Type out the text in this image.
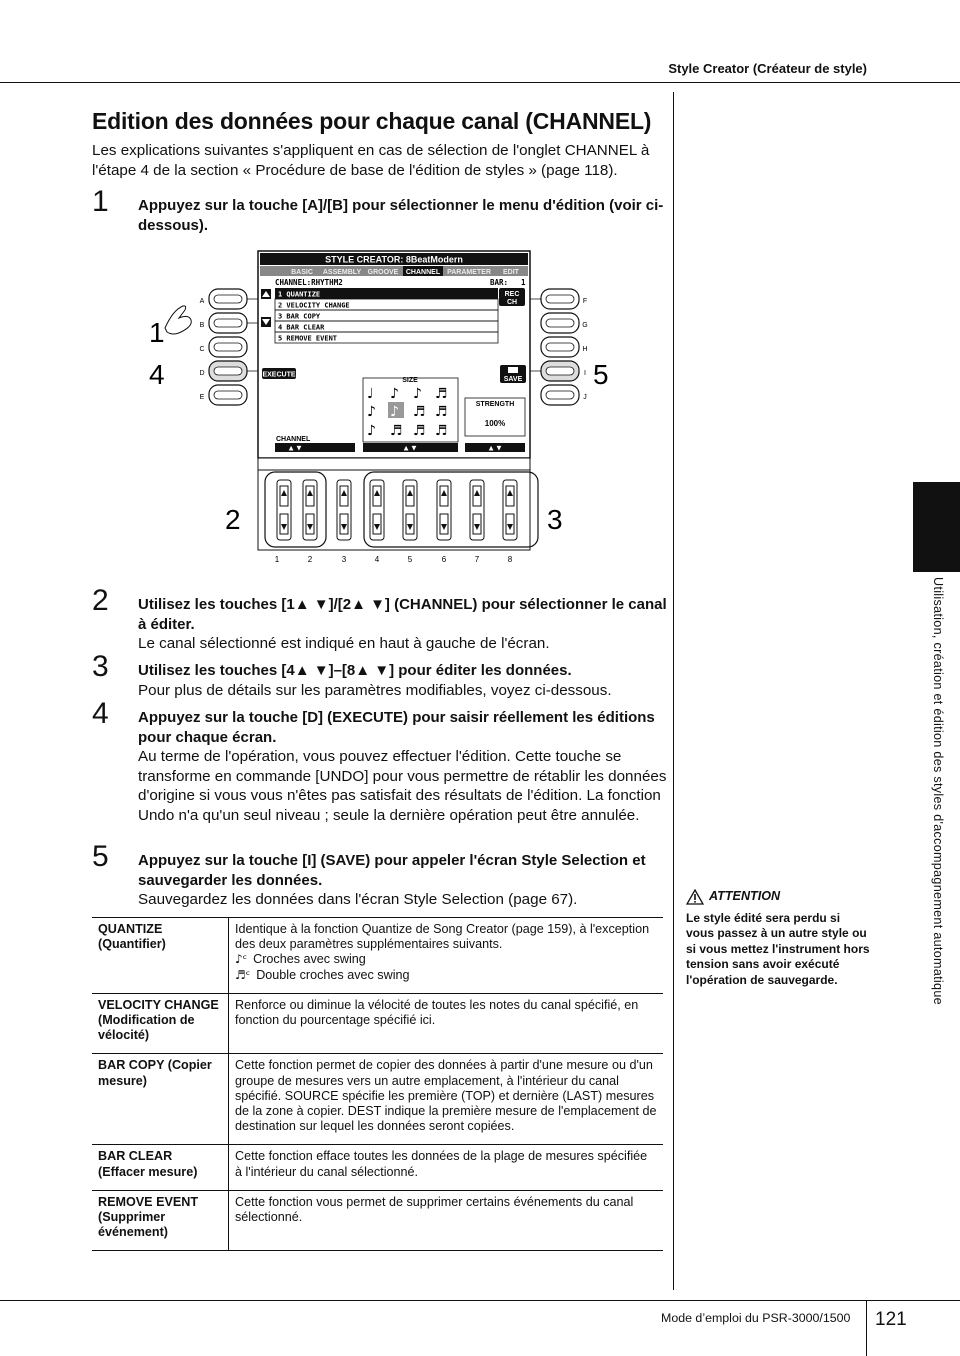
Style Creator (Créateur de style)
Edition des données pour chaque canal (CHANNEL)

Les explications suivantes s'appliquent en cas de sélection de l'onglet CHANNEL à l'étape 4 de la section « Procédure de base de l'édition de styles » (page 118).

1 Appuyez sur la touche [A]/[B] pour sélectionner le menu d'édition (voir ci-dessous).

STYLE CREATOR: 8BeatModern
BASIC ASSEMBLY GROOVE CHANNEL PARAMETER EDIT
CHANNEL:RHYTHM2	BAR: 1
REC
CH
1 QUANTIZE
2 VELOCITY CHANGE
3 BAR COPY
4 BAR CLEAR
5 REMOVE EVENT
EXECUTE
SAVE
SIZE
♩ ♪ ♪ ♬
♪ ♪ ♬ ♬
♪ ♬ ♬ ♬
STRENGTH
100%
CHANNEL
▲▼	▲▼	▲▼
A
B
C
D
E
F
G
H
I
J
1
4	5
2	3
1	2	3	4	5	6	7	8
2 Utilisez les touches [1▲ ▼]/[2▲ ▼] (CHANNEL) pour sélectionner le canal à éditer.

Le canal sélectionné est indiqué en haut à gauche de l'écran.

3 Utilisez les touches [4▲ ▼]–[8▲ ▼] pour éditer les données.

Pour plus de détails sur les paramètres modifiables, voyez ci-dessous.

4 Appuyez sur la touche [D] (EXECUTE) pour saisir réellement les éditions pour chaque écran.

Au terme de l'opération, vous pouvez effectuer l'édition. Cette touche se transforme en commande [UNDO] pour vous permettre de rétablir les données d'origine si vous vous n'êtes pas satisfait des résultats de l'édition. La fonction Undo n'a qu'un seul niveau ; seule la dernière opération peut être annulée.

5 Appuyez sur la touche [I] (SAVE) pour appeler l'écran Style Selection et sauvegarder les données.

Sauvegardez les données dans l'écran Style Selection (page 67).

QUANTIZE (Quantifier)	Identique à la fonction Quantize de Song Creator (page 159), à l'exception des deux paramètres supplémentaires suivants.
♪ᶜ Croches avec swing
♬ᶜ Double croches avec swing

VELOCITY CHANGE (Modification de vélocité)	Renforce ou diminue la vélocité de toutes les notes du canal spécifié, en fonction du pourcentage spécifié ici.
BAR COPY (Copier mesure)	Cette fonction permet de copier des données à partir d'une mesure ou d'un groupe de mesures vers un autre emplacement, à l'intérieur du canal spécifié. SOURCE spécifie les première (TOP) et dernière (LAST) mesures de la zone à copier. DEST indique la première mesure de l'emplacement de destination sur lequel les données seront copiées.
BAR CLEAR (Effacer mesure)	Cette fonction efface toutes les données de la plage de mesures spécifiée à l'intérieur du canal sélectionné.
REMOVE EVENT (Supprimer événement)	Cette fonction vous permet de supprimer certains événements du canal sélectionné.
ATTENTION

Le style édité sera perdu si vous passez à un autre style ou si vous mettez l'instrument hors tension sans avoir exécuté l'opération de sauvegarde.	Utilisation, création et édition des styles d'accompagnement automatique
Mode d’emploi du PSR-3000/1500 121
